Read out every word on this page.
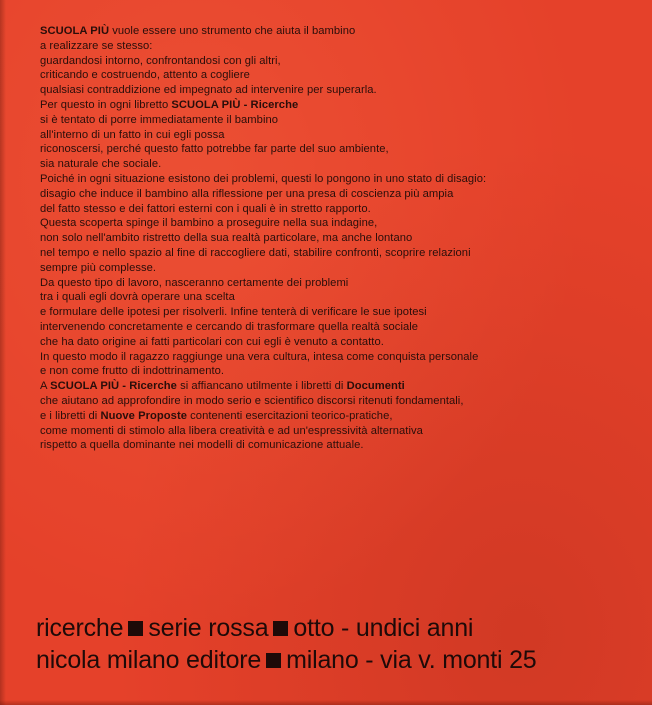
SCUOLA PIÙ vuole essere uno strumento che aiuta il bambino
a realizzare se stesso:
guardandosi intorno, confrontandosi con gli altri,
criticando e costruendo, attento a cogliere
qualsiasi contraddizione ed impegnato ad intervenire per superarla.
Per questo in ogni libretto SCUOLA PIÙ - Ricerche
si è tentato di porre immediatamente il bambino
all'interno di un fatto in cui egli possa
riconoscersi, perché questo fatto potrebbe far parte del suo ambiente,
sia naturale che sociale.
Poiché in ogni situazione esistono dei problemi, questi lo pongono in uno stato di disagio:
disagio che induce il bambino alla riflessione per una presa di coscienza più ampia
del fatto stesso e dei fattori esterni con i quali è in stretto rapporto.
Questa scoperta spinge il bambino a proseguire nella sua indagine,
non solo nell'ambito ristretto della sua realtà particolare, ma anche lontano
nel tempo e nello spazio al fine di raccogliere dati, stabilire confronti, scoprire relazioni
sempre più complesse.
Da questo tipo di lavoro, nasceranno certamente dei problemi
tra i quali egli dovrà operare una scelta
e formulare delle ipotesi per risolverli. Infine tenterà di verificare le sue ipotesi
intervenendo concretamente e cercando di trasformare quella realtà sociale
che ha dato origine ai fatti particolari con cui egli è venuto a contatto.
In questo modo il ragazzo raggiunge una vera cultura, intesa come conquista personale
e non come frutto di indottrinamento.
A SCUOLA PIÙ - Ricerche si affiancano utilmente i libretti di Documenti
che aiutano ad approfondire in modo serio e scientifico discorsi ritenuti fondamentali,
e i libretti di Nuove Proposte contenenti esercitazioni teorico-pratiche,
come momenti di stimolo alla libera creatività e ad un'espressività alternativa
rispetto a quella dominante nei modelli di comunicazione attuale.
ricerche serie rossa otto - undici anni
nicola milano editore milano - via v. monti 25
